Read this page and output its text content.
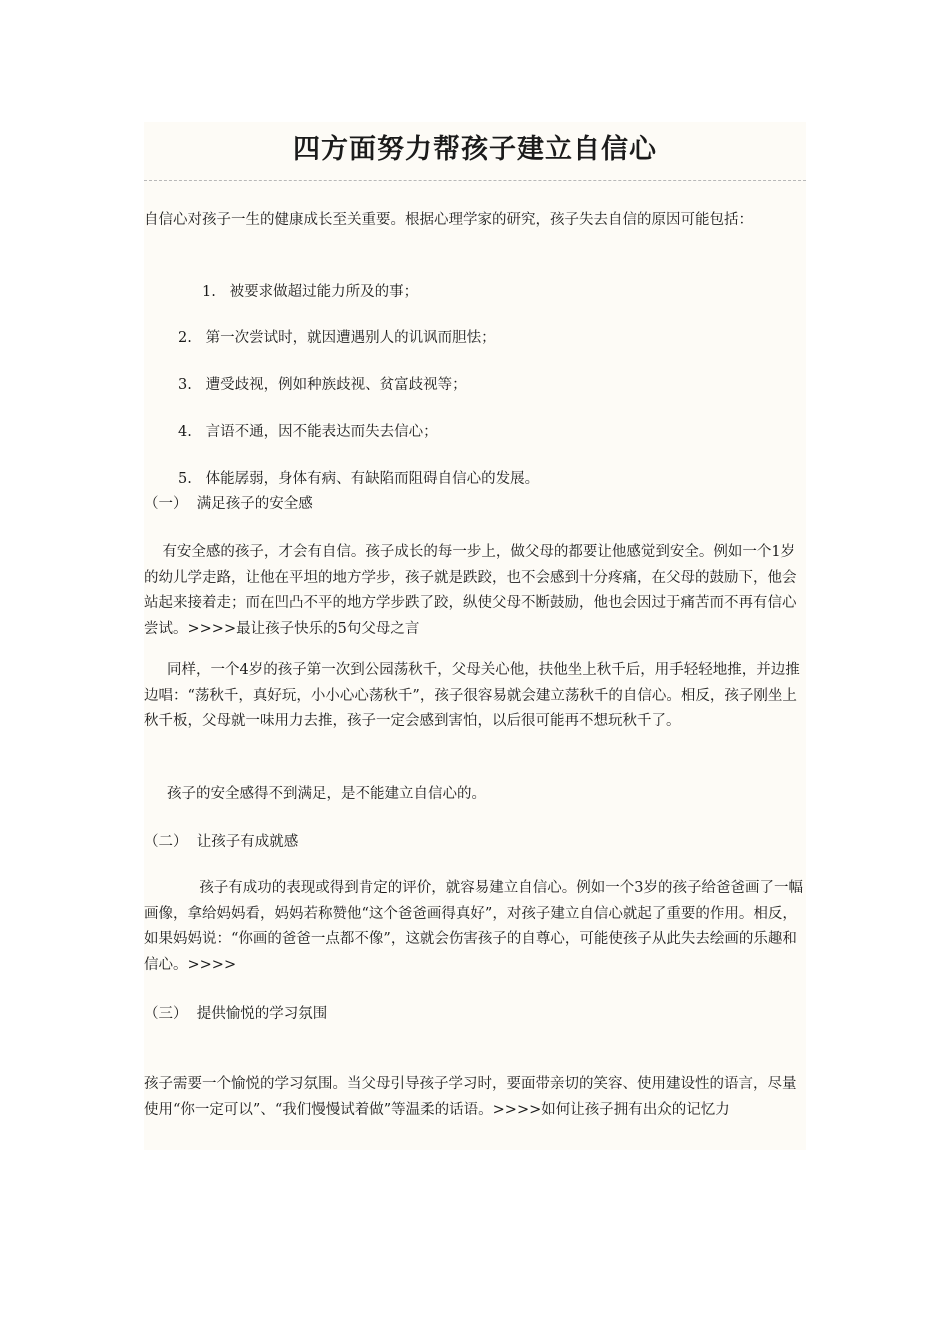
四方面努力帮孩子建立自信心

自信心对孩子一生的健康成长至关重要。根据心理学家的研究，孩子失去自信的原因可能包括：

1.   被要求做超过能力所及的事；

2.   第一次尝试时，就因遭遇别人的讥讽而胆怯；

3.   遭受歧视，例如种族歧视、贫富歧视等；

4.   言语不通，因不能表达而失去信心；

5.   体能孱弱，身体有病、有缺陷而阻碍自信心的发展。

（一）  满足孩子的安全感

有安全感的孩子，才会有自信。孩子成长的每一步上，做父母的都要让他感觉到安全。例如一个1岁的幼儿学走路，让他在平坦的地方学步，孩子就是跌跤，也不会感到十分疼痛，在父母的鼓励下，他会站起来接着走；而在凹凸不平的地方学步跌了跤，纵使父母不断鼓励，他也会因过于痛苦而不再有信心尝试。>>>>最让孩子快乐的5句父母之言

同样，一个4岁的孩子第一次到公园荡秋千，父母关心他，扶他坐上秋千后，用手轻轻地推，并边推边唱：“荡秋千，真好玩，小小心心荡秋千”，孩子很容易就会建立荡秋千的自信心。相反，孩子刚坐上秋千板，父母就一味用力去推，孩子一定会感到害怕，以后很可能再不想玩秋千了。

孩子的安全感得不到满足，是不能建立自信心的。

（二）  让孩子有成就感

孩子有成功的表现或得到肯定的评价，就容易建立自信心。例如一个3岁的孩子给爸爸画了一幅画像，拿给妈妈看，妈妈若称赞他“这个爸爸画得真好”，对孩子建立自信心就起了重要的作用。相反，如果妈妈说：“你画的爸爸一点都不像”，这就会伤害孩子的自尊心，可能使孩子从此失去绘画的乐趣和信心。>>>>

（三）  提供愉悦的学习氛围

孩子需要一个愉悦的学习氛围。当父母引导孩子学习时，要面带亲切的笑容、使用建设性的语言，尽量使用“你一定可以”、“我们慢慢试着做”等温柔的话语。>>>>如何让孩子拥有出众的记忆力
